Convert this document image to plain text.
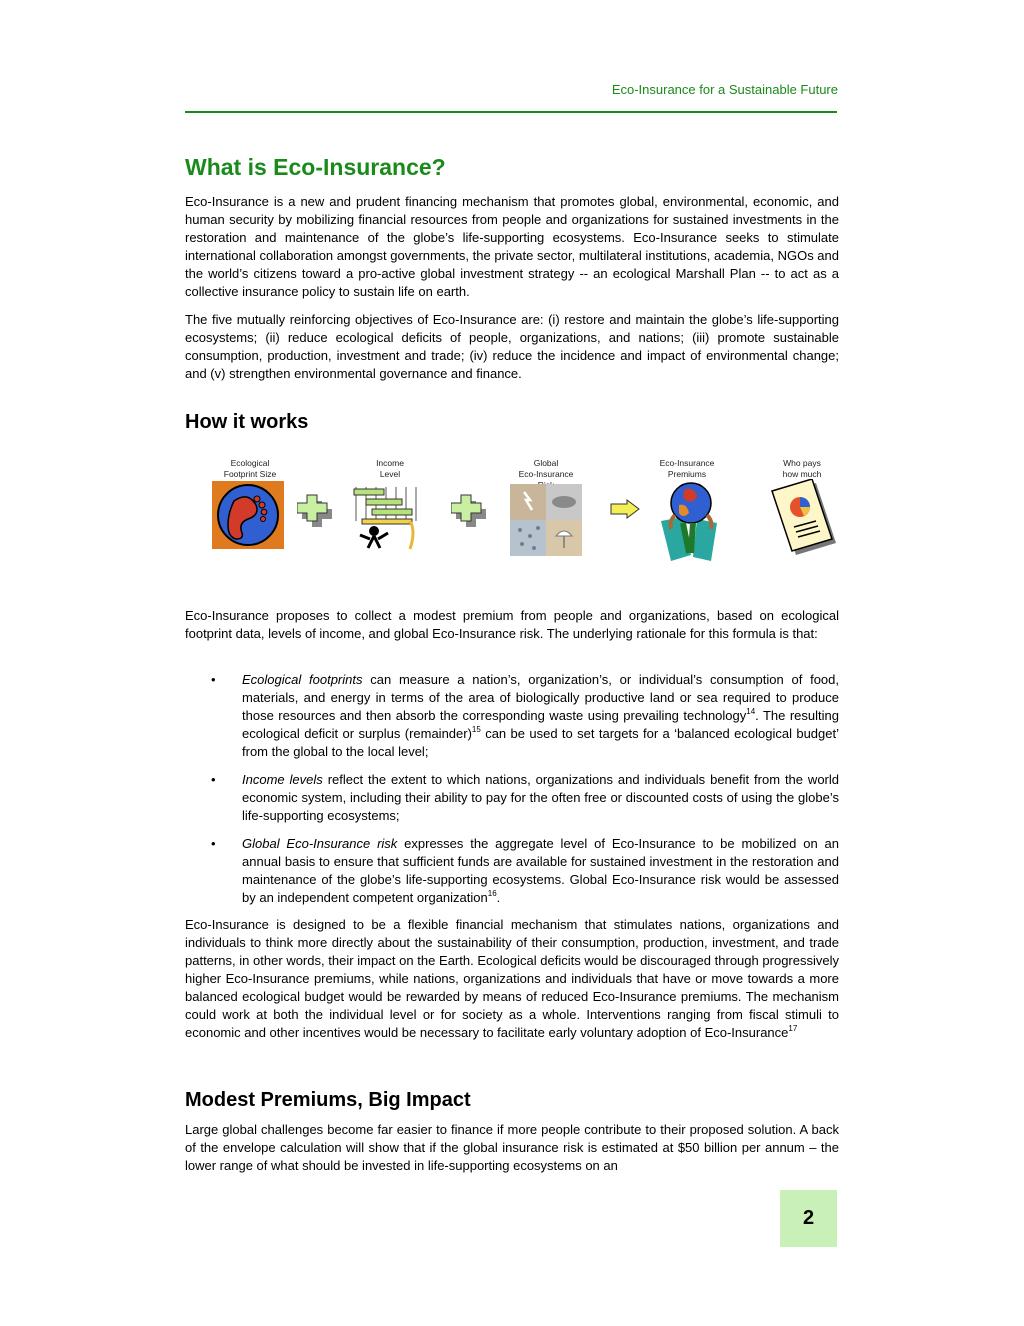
Eco-Insurance for a Sustainable Future
What is Eco-Insurance?

Eco-Insurance is a new and prudent financing mechanism that promotes global, environmental, economic, and human security by mobilizing financial resources from people and organizations for sustained investments in the restoration and maintenance of the globe’s life-supporting ecosystems. Eco-Insurance seeks to stimulate international collaboration amongst governments, the private sector, multilateral institutions, academia, NGOs and the world’s citizens toward a pro-active global investment strategy -- an ecological Marshall Plan -- to act as a collective insurance policy to sustain life on earth.

The five mutually reinforcing objectives of Eco-Insurance are: (i) restore and maintain the globe’s life-supporting ecosystems; (ii) reduce ecological deficits of people, organizations, and nations; (iii) promote sustainable consumption, production, investment and trade; (iv) reduce the incidence and impact of environmental change; and (v) strengthen environmental governance and finance.

How it works
Ecological
Footprint Size
Income
Level
Global
Eco-Insurance
Eco-Insurance
Premiums
Who pays
how much

Eco-Insurance proposes to collect a modest premium from people and organizations, based on ecological footprint data, levels of income, and global Eco-Insurance risk. The underlying rationale for this formula is that:

• Ecological footprints can measure a nation’s, organization’s, or individual’s consumption of food, materials, and energy in terms of the area of biologically productive land or sea required to produce those resources and then absorb the corresponding waste using prevailing technology$^{14}$. The resulting ecological deficit or surplus (remainder)$^{15}$ can be used to set targets for a ‘balanced ecological budget’ from the global to the local level;
• Income levels reflect the extent to which nations, organizations and individuals benefit from the world economic system, including their ability to pay for the often free or discounted costs of using the globe’s life-supporting ecosystems;
• Global Eco-Insurance risk expresses the aggregate level of Eco-Insurance to be mobilized on an annual basis to ensure that sufficient funds are available for sustained investment in the restoration and maintenance of the globe’s life-supporting ecosystems. Global Eco-Insurance risk would be assessed by an independent competent organization$^{16}$.

Eco-Insurance is designed to be a flexible financial mechanism that stimulates nations, organizations and individuals to think more directly about the sustainability of their consumption, production, investment, and trade patterns, in other words, their impact on the Earth. Ecological deficits would be discouraged through progressively higher Eco-Insurance premiums, while nations, organizations and individuals that have or move towards a more balanced ecological budget would be rewarded by means of reduced Eco-Insurance premiums. The mechanism could work at both the individual level or for society as a whole. Interventions ranging from fiscal stimuli to economic and other incentives would be necessary to facilitate early voluntary adoption of Eco-Insurance$^{17}$

Modest Premiums, Big Impact

Large global challenges become far easier to finance if more people contribute to their proposed solution. A back of the envelope calculation will show that if the global insurance risk is estimated at $50 billion per annum – the lower range of what should be invested in life-supporting ecosystems on an

2
